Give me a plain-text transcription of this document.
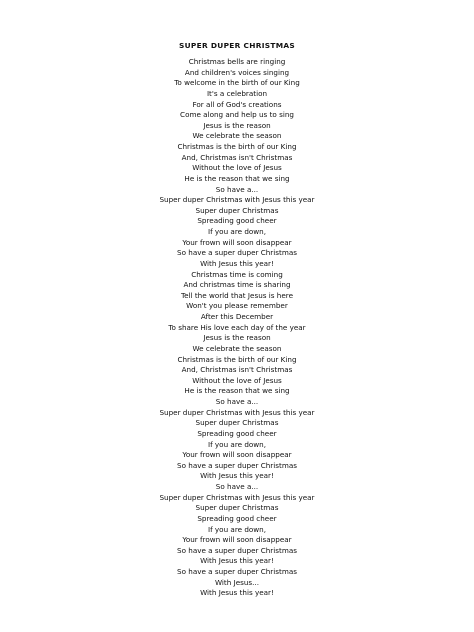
SUPER DUPER CHRISTMAS
Christmas bells are ringing
And children's voices singing
To welcome in the birth of our King
It's a celebration
For all of God's creations
Come along and help us to sing
Jesus is the reason
We celebrate the season
Christmas is the birth of our King
And, Christmas isn't Christmas
Without the love of Jesus
He is the reason that we sing
So have a...
Super duper Christmas with Jesus this year
Super duper Christmas
Spreading good cheer
If you are down,
Your frown will soon disappear
So have a super duper Christmas
With Jesus this year!
Christmas time is coming
And christmas time is sharing
Tell the world that Jesus is here
Won't you please remember
After this December
To share His love each day of the year
Jesus is the reason
We celebrate the season
Christmas is the birth of our King
And, Christmas isn't Christmas
Without the love of Jesus
He is the reason that we sing
So have a...
Super duper Christmas with Jesus this year
Super duper Christmas
Spreading good cheer
If you are down,
Your frown will soon disappear
So have a super duper Christmas
With Jesus this year!
So have a...
Super duper Christmas with Jesus this year
Super duper Christmas
Spreading good cheer
If you are down,
Your frown will soon disappear
So have a super duper Christmas
With Jesus this year!
So have a super duper Christmas
With Jesus...
With Jesus this year!
